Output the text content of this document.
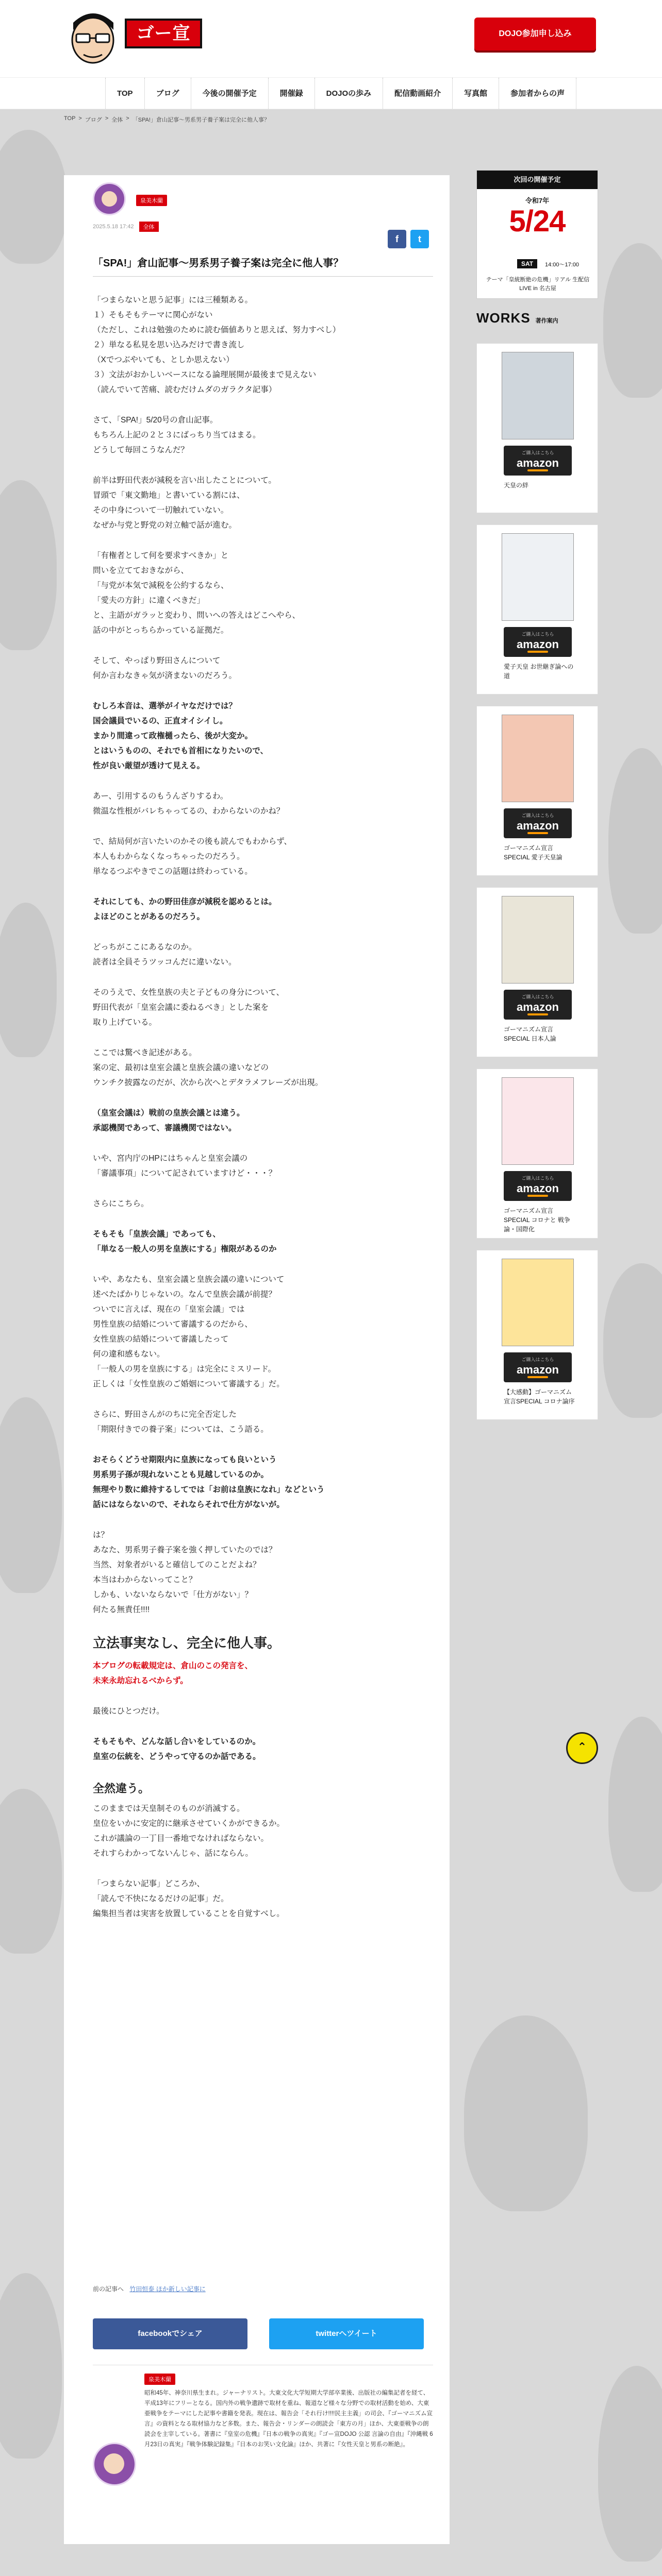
ゴー宣DOJO
DOJO参加申し込み
TOP	ブログ	今後の開催予定	開催録	DOJOの歩み	配信動画紹介	写真館	参加者からの声
TOP > ブログ > 全体 > 「SPA!」倉山記事〜男系男子養子案は完全に他人事？
泉美木蘭
2025.5.18 17:42	全体
f	t
「SPA!」倉山記事〜男系男子養子案は完全に他人事？

「つまらないと思う記事」には三種類ある。
１）そもそもテーマに関心がない
（ただし、これは勉強のために読む価値ありと思えば、努力すべし）
２）単なる私見を思い込みだけで書き流し
（Xでつぶやいても、としか思えない）
３）文法がおかしいベースになる論理展開が最後まで見えない
（読んでいて苦痛、読むだけムダのガラクタ記事）

さて、「SPA!」5/20号の倉山記事。
もちろん上記の２と３にばっちり当てはまる。
どうして毎回こうなんだ？

前半は野田代表が減税を言い出したことについて。
冒頭で「東文勤地」と書いている割には、
その中身について一切触れていない。
なぜか与党と野党の対立軸で話が進む。

「有権者として何を要求すべきか」と
問いを立てておきながら、
「与党が本気で減税を公約するなら、
「愛夫の方針」に違くべきだ」
と、主語がガラッと変わり、問いへの答えはどこへやら、
話の中がとっちらかっている証拠だ。

そして、やっぱり野田さんについて
何か言わなきゃ気が済まないのだろう。

むしろ本音は、選挙がイヤなだけでは？
国会議員でいるの、正直オイシイし。
まかり間違って政権樋ったら、後が大変か。
とはいうものの、それでも首相になりたいので、
性が良い厳望が透けて見える。

あー、引用するのもうんざりするわ。
微温な性根がバレちゃってるの、わからないのかね？

で、結局何が言いたいのかその後も読んでもわからず、
本人もわからなくなっちゃったのだろう。
単なるつぶやきでこの話題は終わっている。

それにしても、かの野田佳彦が減税を認めるとは。
よほどのことがあるのだろう。

どっちがここにあるなのか。
読者は全員そうツッコんだに違いない。

そのうえで、女性皇族の夫と子どもの身分について、
野田代表が「皇室会議に委ねるべき」とした案を
取り上げている。

ここでは驚べき記述がある。
案の定、最初は皇室会議と皇族会議の違いなどの
ウンチク披露なのだが、次から次へとデタラメフレーズが出現。

（皇室会議は）戦前の皇族会議とは違う。
承認機関であって、審議機関ではない。

いや、宮内庁のHPにはちゃんと皇室会議の
「審議事項」について記されていますけど・・・？

さらにこちら。

そもそも「皇族会議」であっても、
「単なる一般人の男を皇族にする」権限があるのか

いや、あなたも、皇室会議と皇族会議の違いについて
述べたばかりじゃないの。なんで皇族会議が前提？
ついでに言えば、現在の「皇室会議」では
男性皇族の結婚について審議するのだから、
女性皇族の結婚について審議したって
何の違和感もない。
「一般人の男を皇族にする」は完全にミスリード。
正しくは「女性皇族のご婚姻について審議する」だ。

さらに、野田さんがのちに完全否定した
「期限付きでの養子案」については、こう語る。

おそらくどうせ期限内に皇族になっても良いという
男系男子孫が現れないことも見越しているのか。
無理やり数に維持するしてでは「お前は皇族になれ」などという
話にはならないので、それならそれで仕方がないが。

は？
あなた、男系男子養子案を強く押していたのでは？
当然、対象者がいると確信してのことだよね？
本当はわからないってこと？
しかも、いないならないで「仕方がない」？
何たる無責任!!!!

立法事実なし、完全に他人事。

本ブログの転載規定は、倉山のこの発言を、
未来永劫忘れるべからず。

最後にひとつだけ。

そもそもや、どんな話し合いをしているのか。
皇室の伝統を、どうやって守るのか話である。

全然違う。

このままでは天皇制そのものが消滅する。
皇位をいかに安定的に継承させていくかができるか。
これが議論の一丁目一番地でなければならない。
それすらわかってないんじゃ、話にならん。

「つまらない記事」どころか、
「読んで不快になるだけの記事」だ。
編集担当者は実害を放置していることを自覚すべし。

前の記事へ 竹田恒泰 ほか新しい記事に
facebookでシェア	twitterへツイート
泉美木蘭

昭和45年、神奈川県生まれ。ジャーナリスト。大東文化大学短期大学部卒業後、出版社の編集記者を経て、平成13年にフリーとなる。国内外の戦争遺跡で取材を重ね、報道など様々な分野での取材活動を始め、大東亜戦争をテーマにした記事や書籍を発表。現在は、報告会「それ行け!!!!民主主義」の司会、『ゴーマニズム宣言』の資料となる取材協力など多数。また、報告会・リンダーの朗読会「東方の月」ほか、大東亜戦争の朗読会を主宰している。著書に『皇室の危機』『日本の戦争の真実』『ゴー宣DOJO 公認 言論の自由』『沖縄戦 6月23日の真実』『戦争体験記録集』『日本のお笑い文化論』ほか、共著に『女性天皇と男系の断絶』。

次回の開催予定
令和7年
5/24
SAT	14:00〜17:00
テーマ「皇統断絶の危機」リアル 生配信 LIVE in 名古屋
WORKS 著作案内
ご購入はこちら
amazon
天皇の絆
ご購入はこちら
amazon
愛子天皇 お世継ぎ論への道
ご購入はこちら
amazon
ゴーマニズム宣言 SPECIAL 愛子天皇論
ご購入はこちら
amazon
ゴーマニズム宣言 SPECIAL 日本人論
ご購入はこちら
amazon
ゴーマニズム宣言 SPECIAL コロナと 戦争論・国際化
ご購入はこちら
amazon
【大感動】ゴーマニズム宣言SPECIAL コロナ論序
⌃
